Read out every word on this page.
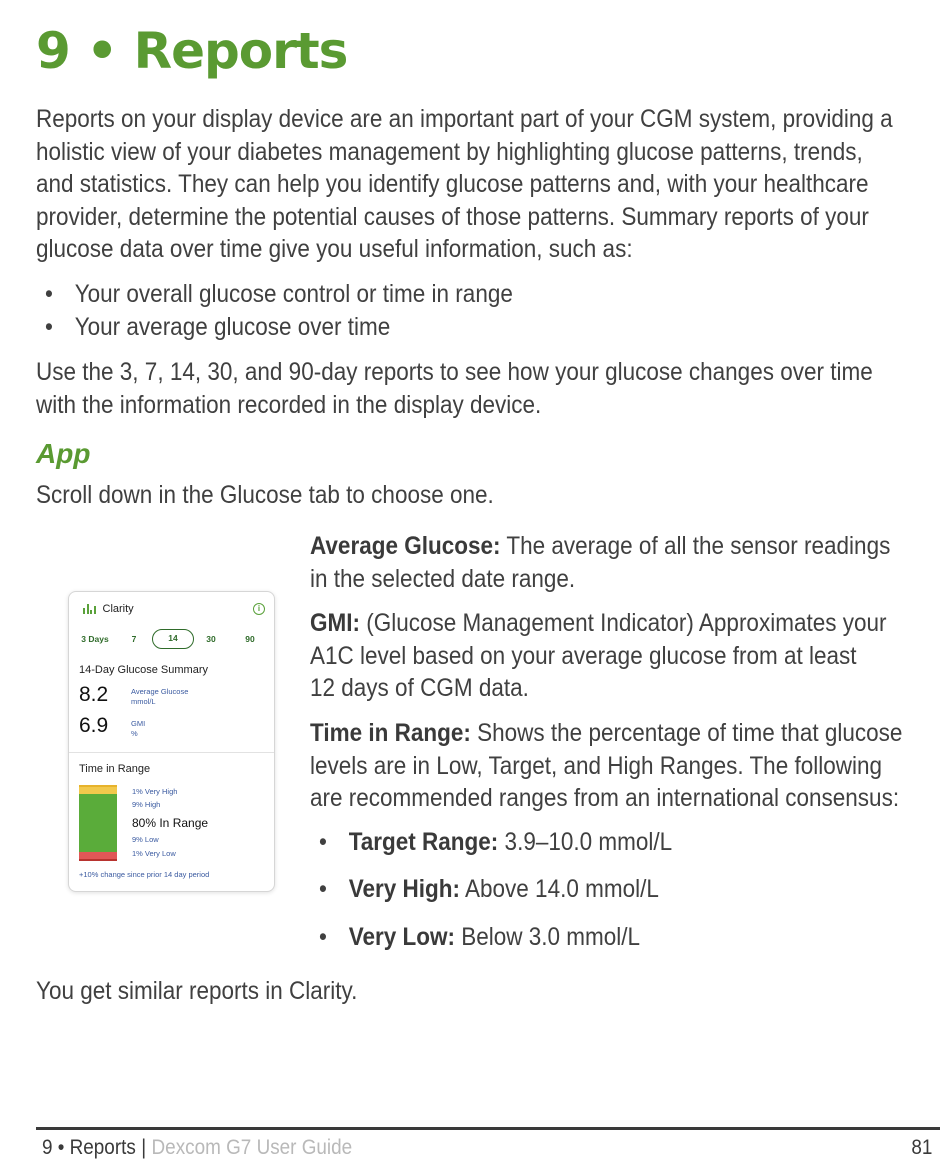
9 • Reports

Reports on your display device are an important part of your CGM system, providing a

holistic view of your diabetes management by highlighting glucose patterns, trends,

and statistics. They can help you identify glucose patterns and, with your healthcare

provider, determine the potential causes of those patterns. Summary reports of your

glucose data over time give you useful information, such as:

• Your overall glucose control or time in range
• Your average glucose over time

Use the 3, 7, 14, 30, and 90-day reports to see how your glucose changes over time

with the information recorded in the display device.

App

Scroll down in the Glucose tab to choose one.

Clarity	i
3 Days	7	14	30	90
14-Day Glucose Summary
8.2	Average Glucose
mmol/L
6.9	GMI
%
Time in Range
1% Very High
9% High
80% In Range
9% Low
1% Very Low
+10% change since prior 14 day period
Average Glucose: The average of all the sensor readings
in the selected date range.
GMI: (Glucose Management Indicator) Approximates your
A1C level based on your average glucose from at least
12 days of CGM data.
Time in Range: Shows the percentage of time that glucose
levels are in Low, Target, and High Ranges. The following
are recommended ranges from an international consensus:
• Target Range: 3.9–10.0 mmol/L
• Very High: Above 14.0 mmol/L
• Very Low: Below 3.0 mmol/L

You get similar reports in Clarity.

9 • Reports | Dexcom G7 User Guide	81
